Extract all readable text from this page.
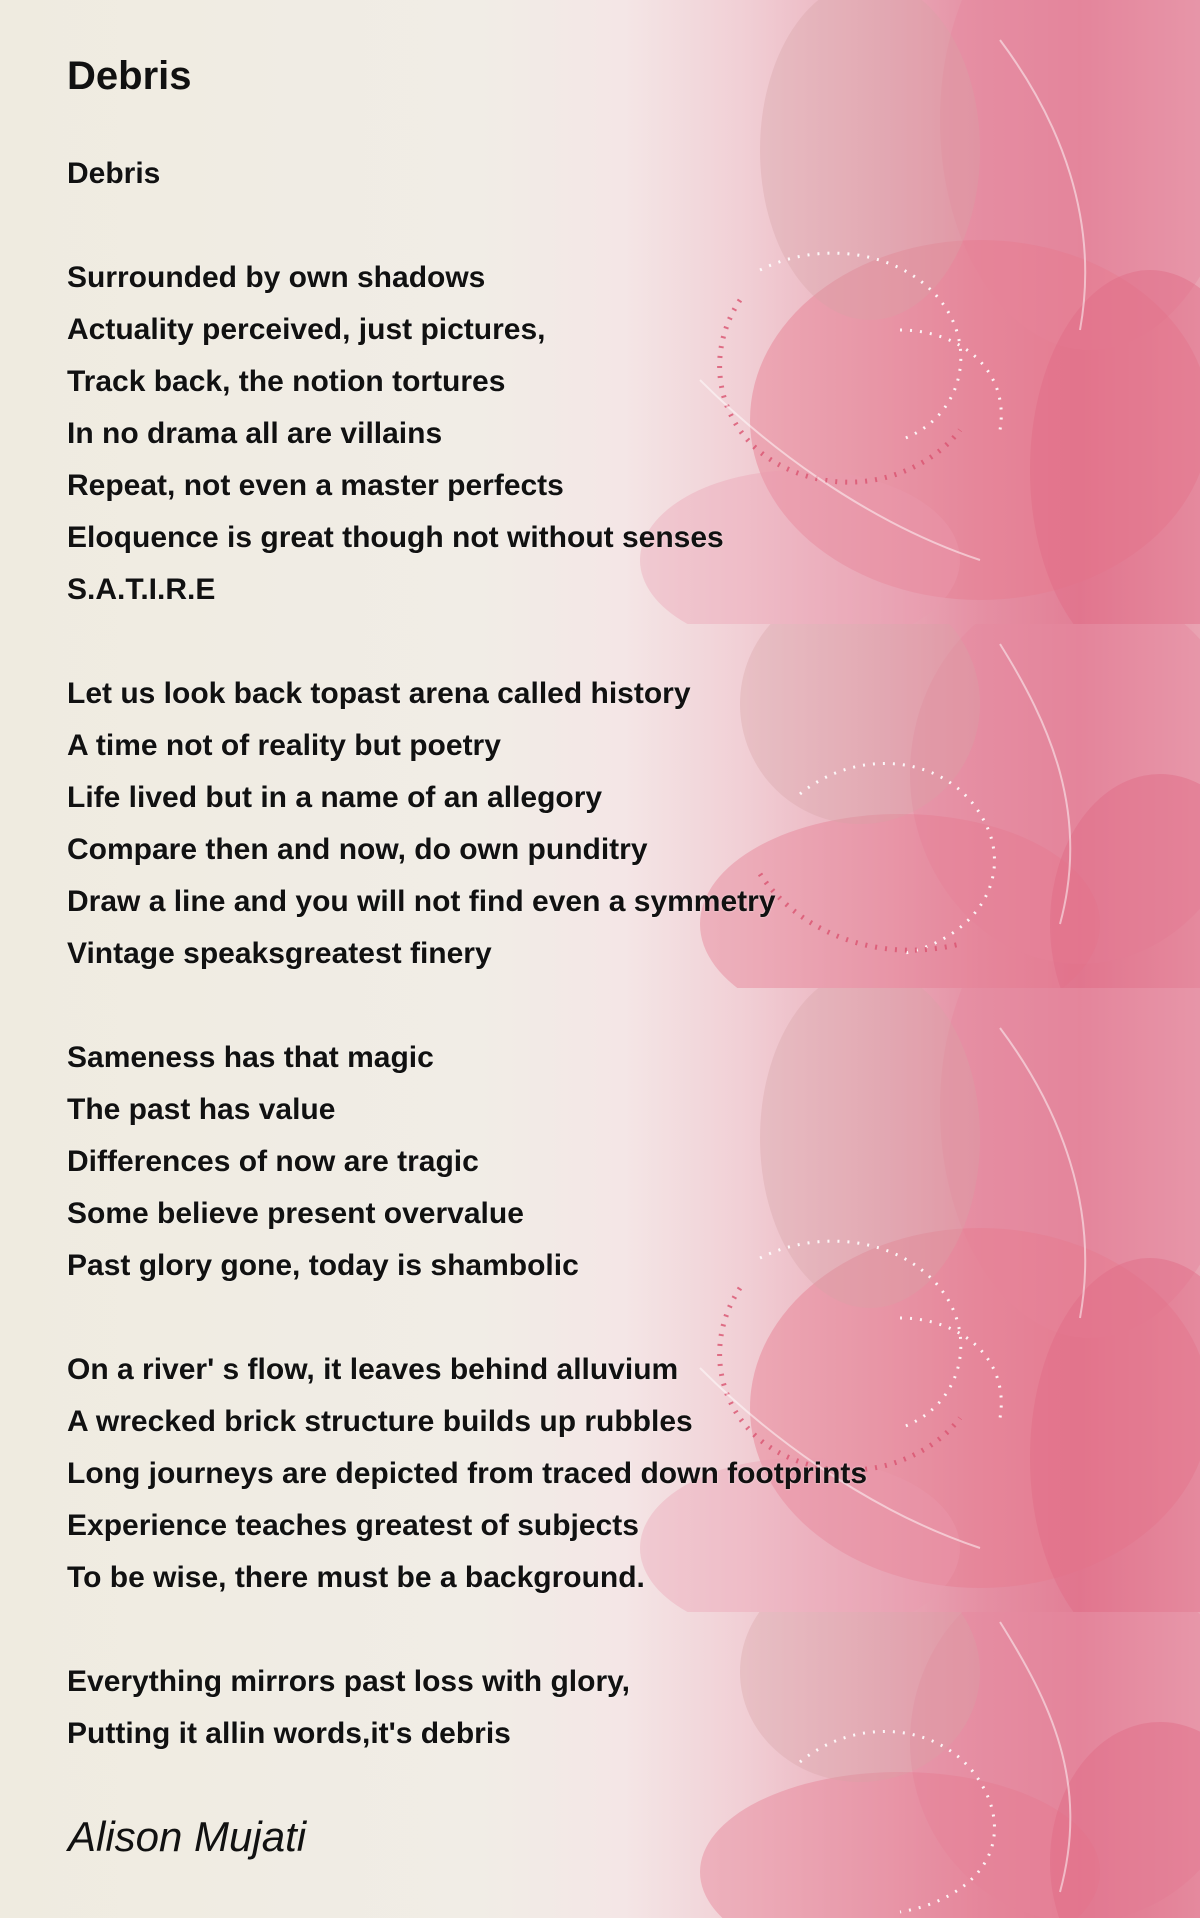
Debris
Debris
Surrounded by own shadows
Actuality perceived, just pictures,
Track back, the notion tortures
In no drama all are villains
Repeat, not even a master perfects
Eloquence is great though not without senses
S.A.T.I.R.E
Let us look back topast arena called history
A time not of reality but poetry
Life lived but in a name of an allegory
Compare then and now, do own punditry
Draw a line and you will not find even a symmetry
Vintage speaksgreatest finery
Sameness has that magic
The past has value
Differences of now are tragic
Some believe present overvalue
Past glory gone, today is shambolic
On a river' s flow, it leaves behind alluvium
A wrecked brick structure builds up rubbles
Long journeys are depicted from traced down footprints
Experience teaches greatest of subjects
To be wise, there must be a background.
Everything mirrors past loss with glory,
Putting it allin words,it's debris
Alison Mujati
